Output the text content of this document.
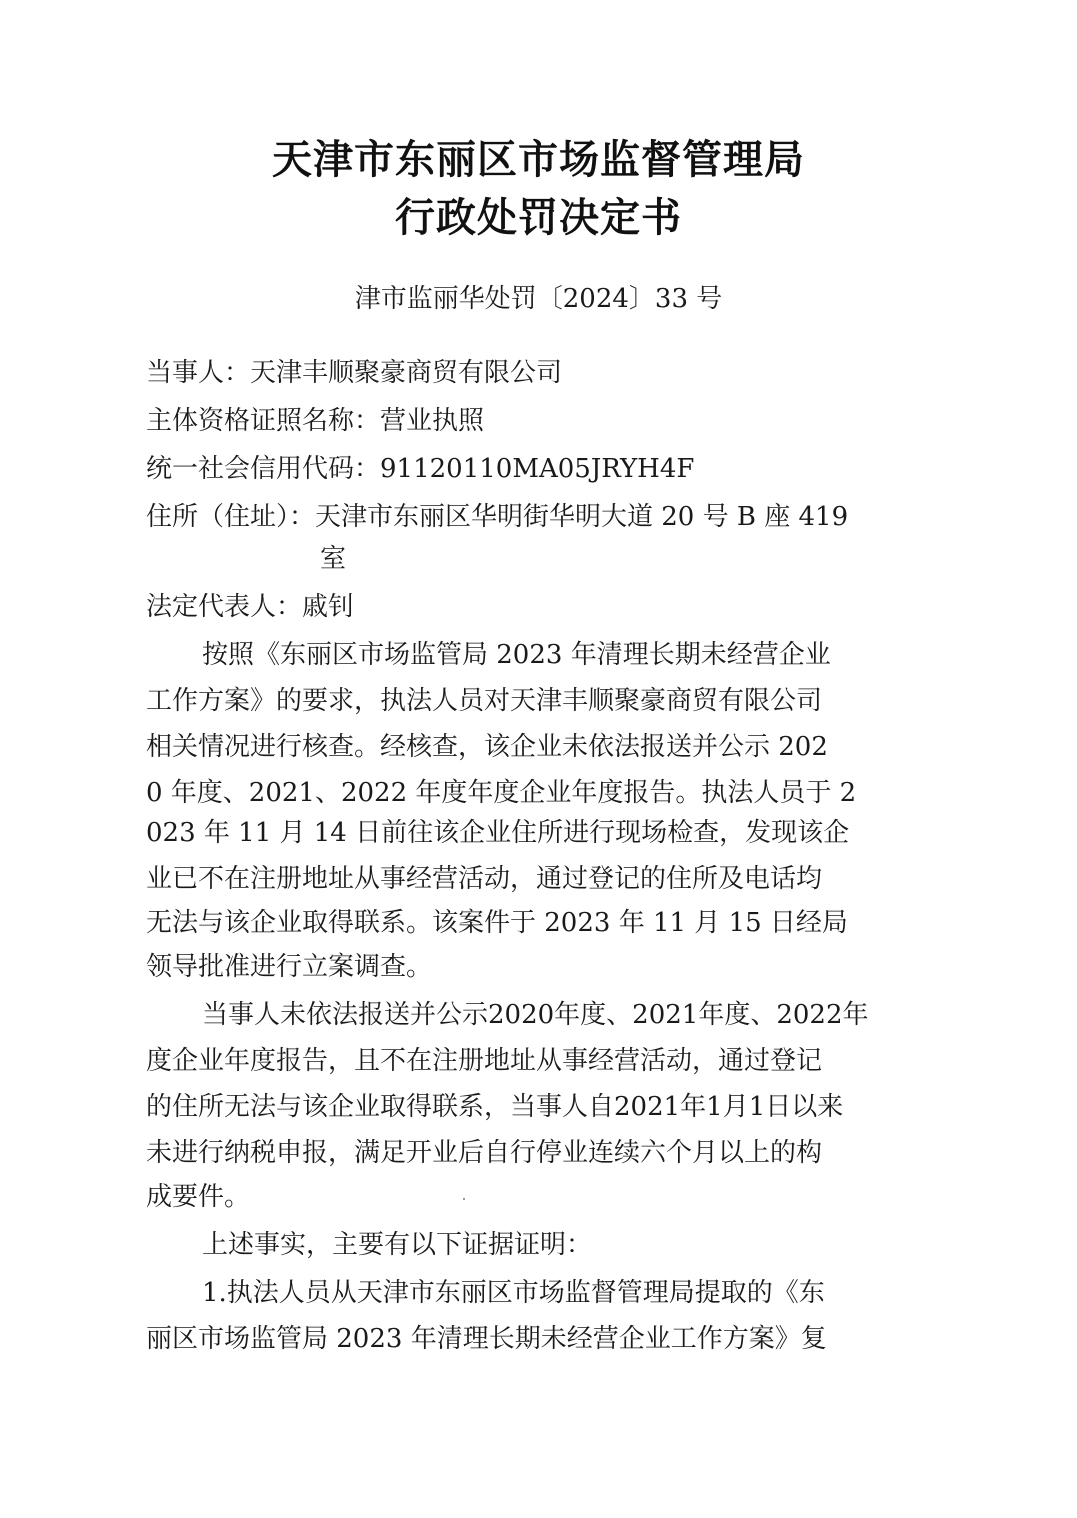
天津市东丽区市场监督管理局
行政处罚决定书
津市监丽华处罚〔2024〕33 号
当事人：天津丰顺聚豪商贸有限公司
主体资格证照名称：营业执照
统一社会信用代码：91120110MA05JRYH4F
住所（住址）：天津市东丽区华明街华明大道 20 号 B 座 419
室
法定代表人：戚钊
按照《东丽区市场监管局 2023 年清理长期未经营企业
工作方案》的要求，执法人员对天津丰顺聚豪商贸有限公司
相关情况进行核查。经核查，该企业未依法报送并公示 202
0 年度、2021、2022 年度年度企业年度报告。执法人员于 2
023 年 11 月 14 日前往该企业住所进行现场检查，发现该企
业已不在注册地址从事经营活动，通过登记的住所及电话均
无法与该企业取得联系。该案件于 2023 年 11 月 15 日经局
领导批准进行立案调查。
当事人未依法报送并公示2020年度、2021年度、2022年
度企业年度报告，且不在注册地址从事经营活动，通过登记
的住所无法与该企业取得联系，当事人自2021年1月1日以来
未进行纳税申报，满足开业后自行停业连续六个月以上的构
成要件。
上述事实，主要有以下证据证明：
1.执法人员从天津市东丽区市场监督管理局提取的《东
丽区市场监管局 2023 年清理长期未经营企业工作方案》复
